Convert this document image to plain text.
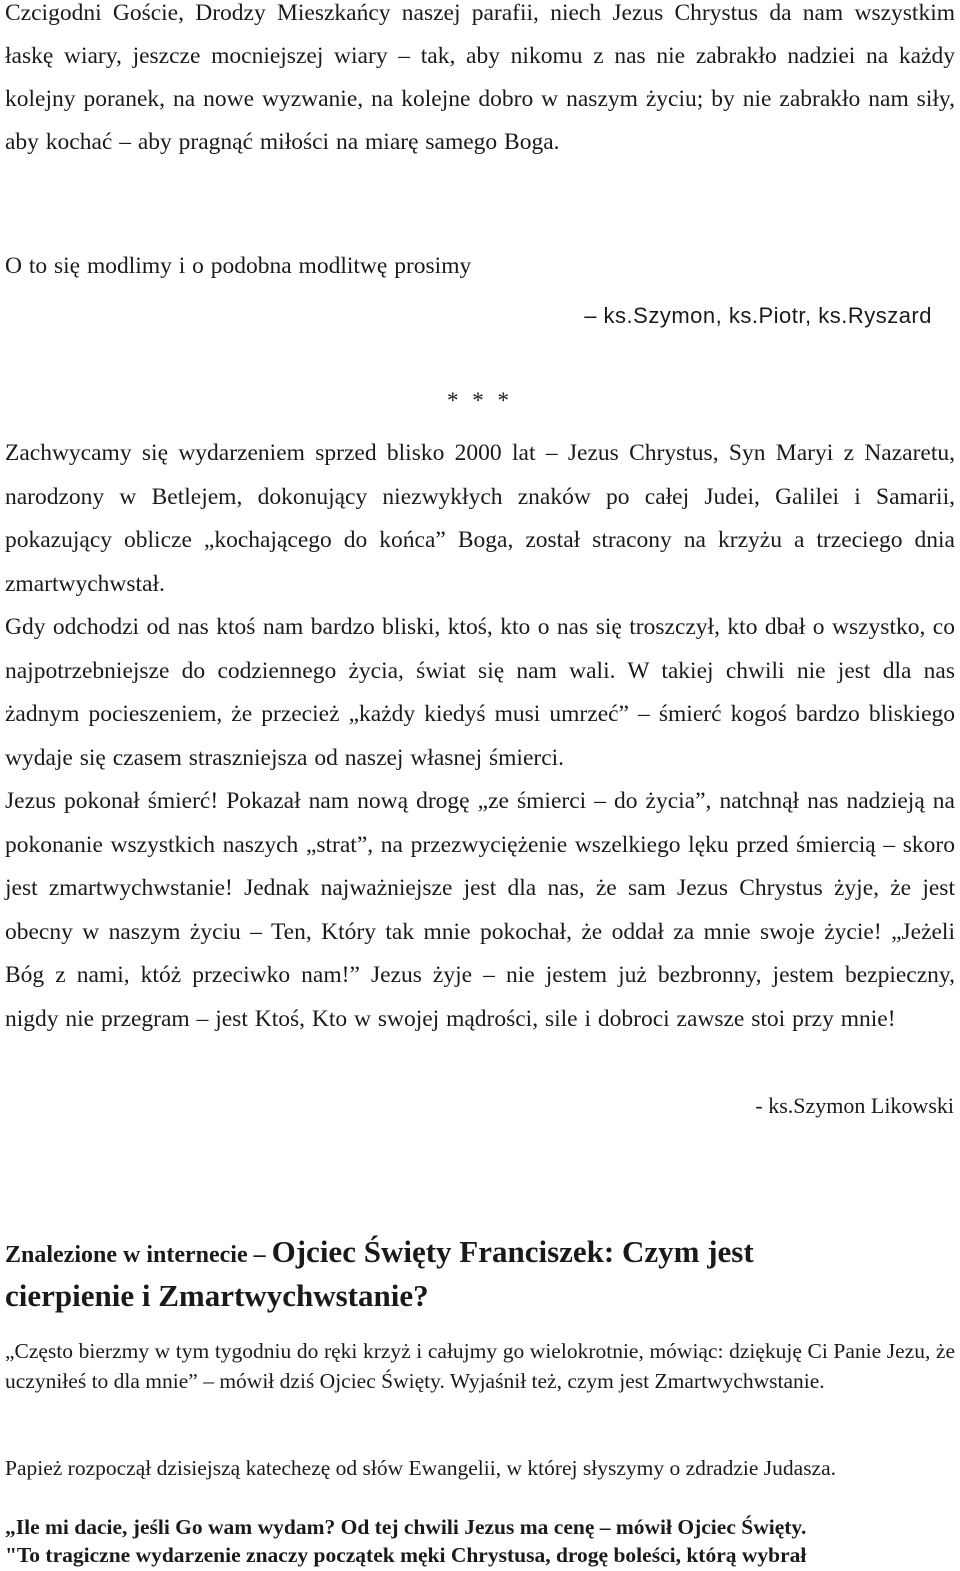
Czcigodni Goście, Drodzy Mieszkańcy naszej parafii, niech Jezus Chrystus da nam wszystkim łaskę wiary, jeszcze mocniejszej wiary – tak, aby nikomu z nas nie zabrakło nadziei na każdy kolejny poranek, na nowe wyzwanie, na kolejne dobro w naszym życiu; by nie zabrakło nam siły, aby kochać – aby pragnąć miłości na miarę samego Boga.

O to się modlimy i o podobna modlitwę prosimy

– ks.Szymon, ks.Piotr, ks.Ryszard
* * *

Zachwycamy się wydarzeniem sprzed blisko 2000 lat – Jezus Chrystus, Syn Maryi z Nazaretu, narodzony w Betlejem, dokonujący niezwykłych znaków po całej Judei, Galilei i Samarii, pokazujący oblicze „kochającego do końca” Boga, został stracony na krzyżu a trzeciego dnia zmartwychwstał.

Gdy odchodzi od nas ktoś nam bardzo bliski, ktoś, kto o nas się troszczył, kto dbał o wszystko, co najpotrzebniejsze do codziennego życia, świat się nam wali. W takiej chwili nie jest dla nas żadnym pocieszeniem, że przecież „każdy kiedyś musi umrzeć” – śmierć kogoś bardzo bliskiego wydaje się czasem straszniejsza od naszej własnej śmierci.

Jezus pokonał śmierć! Pokazał nam nową drogę „ze śmierci – do życia”, natchnął nas nadzieją na pokonanie wszystkich naszych „strat”, na przezwyciężenie wszelkiego lęku przed śmiercią – skoro jest zmartwychwstanie! Jednak najważniejsze jest dla nas, że sam Jezus Chrystus żyje, że jest obecny w naszym życiu – Ten, Który tak mnie pokochał, że oddał za mnie swoje życie! „Jeżeli Bóg z nami, któż przeciwko nam!” Jezus żyje – nie jestem już bezbronny, jestem bezpieczny, nigdy nie przegram – jest Ktoś, Kto w swojej mądrości, sile i dobroci zawsze stoi przy mnie!

- ks.Szymon Likowski
Znalezione w internecie – Ojciec Święty Franciszek: Czym jest
cierpienie i Zmartwychwstanie?

„Często bierzmy w tym tygodniu do ręki krzyż i całujmy go wielokrotnie, mówiąc: dziękuję Ci Panie Jezu, że uczyniłeś to dla mnie” – mówił dziś Ojciec Święty. Wyjaśnił też, czym jest Zmartwychwstanie.

Papież rozpoczął dzisiejszą katechezę od słów Ewangelii, w której słyszymy o zdradzie Judasza.

„Ile mi dacie, jeśli Go wam wydam? Od tej chwili Jezus ma cenę – mówił Ojciec Święty.
"To tragiczne wydarzenie znaczy początek męki Chrystusa, drogę boleści, którą wybrał
